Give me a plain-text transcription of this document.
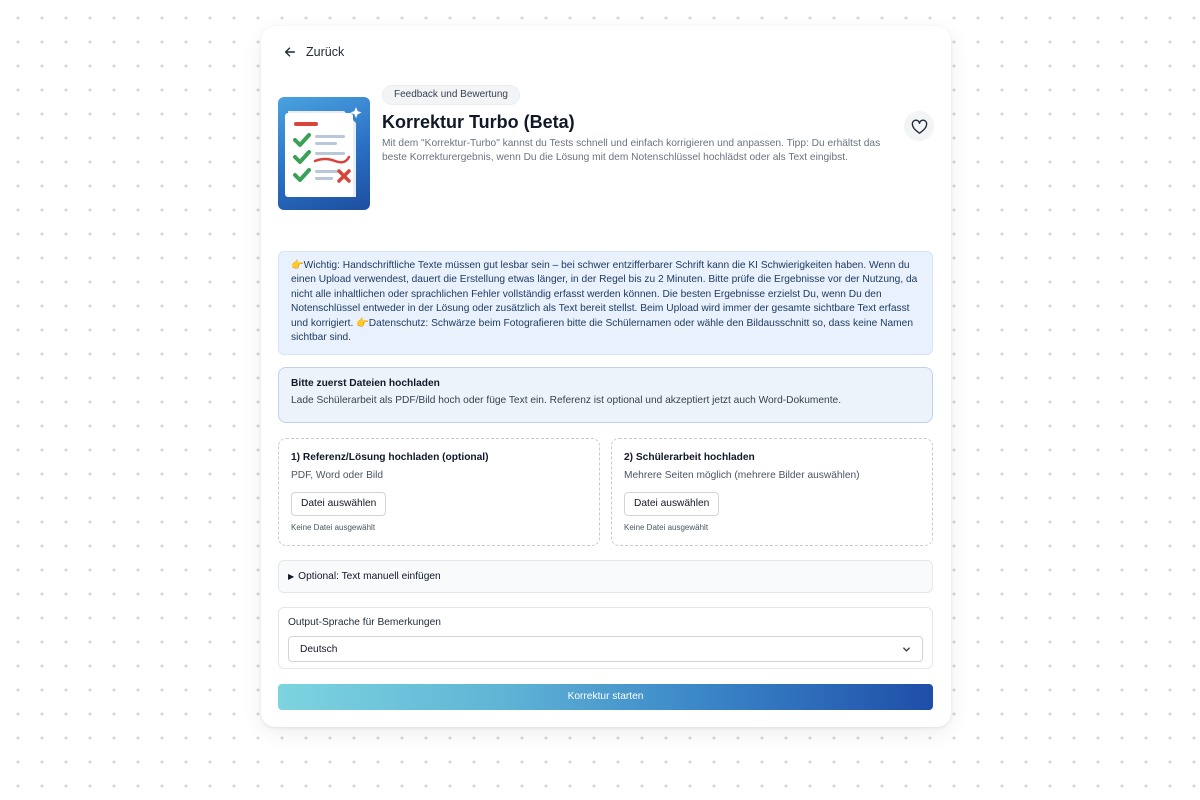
Zurück
Feedback und Bewertung
Korrektur Turbo (Beta)
Mit dem "Korrektur-Turbo" kannst du Tests schnell und einfach korrigieren und anpassen. Tipp: Du erhältst das beste Korrekturergebnis, wenn Du die Lösung mit dem Notenschlüssel hochlädst oder als Text eingibst.
👉Wichtig: Handschriftliche Texte müssen gut lesbar sein – bei schwer entzifferbarer Schrift kann die KI Schwierigkeiten haben. Wenn du einen Upload verwendest, dauert die Erstellung etwas länger, in der Regel bis zu 2 Minuten. Bitte prüfe die Ergebnisse vor der Nutzung, da nicht alle inhaltlichen oder sprachlichen Fehler vollständig erfasst werden können. Die besten Ergebnisse erzielst Du, wenn Du den Notenschlüssel entweder in der Lösung oder zusätzlich als Text bereit stellst. Beim Upload wird immer der gesamte sichtbare Text erfasst und korrigiert. 👉Datenschutz: Schwärze beim Fotografieren bitte die Schülernamen oder wähle den Bildausschnitt so, dass keine Namen sichtbar sind.
Bitte zuerst Dateien hochladen
Lade Schülerarbeit als PDF/Bild hoch oder füge Text ein. Referenz ist optional und akzeptiert jetzt auch Word-Dokumente.
1) Referenz/Lösung hochladen (optional)
PDF, Word oder Bild
Datei auswählen
Keine Datei ausgewählt
2) Schülerarbeit hochladen
Mehrere Seiten möglich (mehrere Bilder auswählen)
Datei auswählen
Keine Datei ausgewählt
▶ Optional: Text manuell einfügen
Output-Sprache für Bemerkungen
Deutsch
Korrektur starten
